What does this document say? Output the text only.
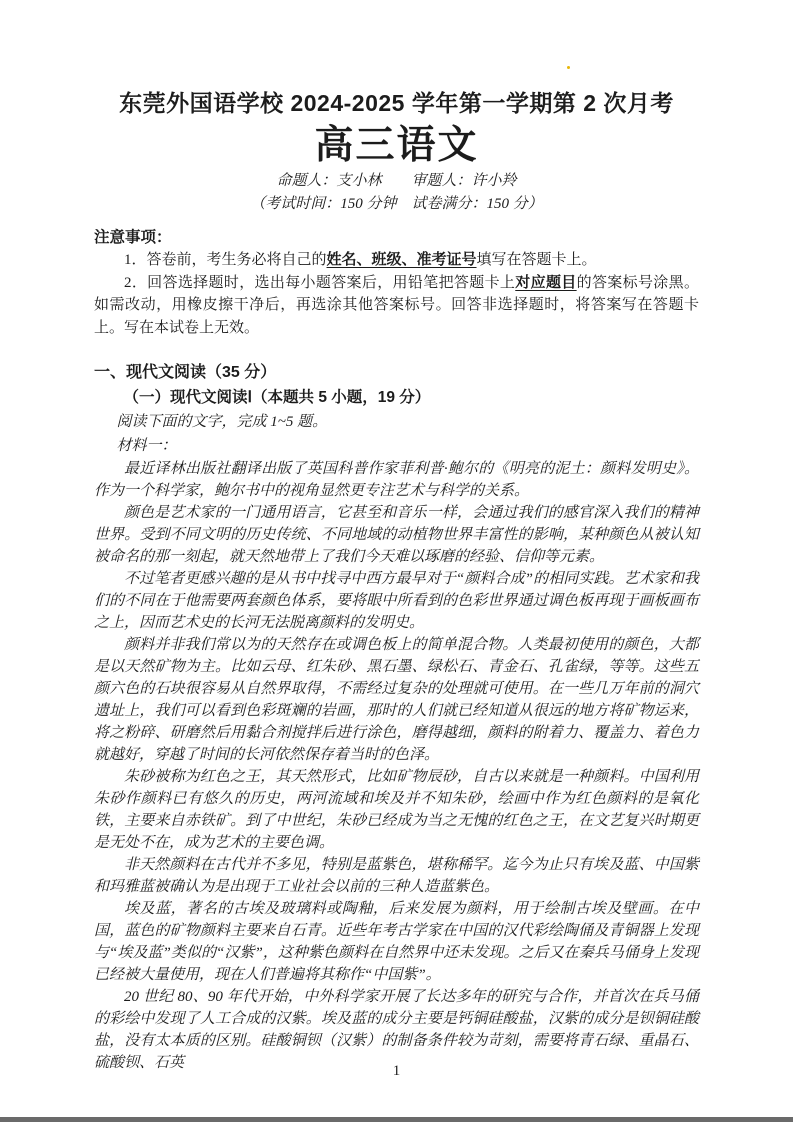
东莞外国语学校 2024-2025 学年第一学期第 2 次月考
高三语文
命题人：支小林 审题人：许小羚
（考试时间：150 分钟　试卷满分：150 分）
注意事项：

1．答卷前，考生务必将自己的姓名、班级、准考证号填写在答题卡上。

2．回答选择题时，选出每小题答案后，用铅笔把答题卡上对应题目的答案标号涂黑。如需改动，用橡皮擦干净后，再选涂其他答案标号。回答非选择题时，将答案写在答题卡上。写在本试卷上无效。

一、现代文阅读（35 分）
（一）现代文阅读Ⅰ（本题共 5 小题，19 分）

阅读下面的文字，完成 1~5 题。

材料一：

最近译林出版社翻译出版了英国科普作家菲利普·鲍尔的《明亮的泥土：颜料发明史》。作为一个科学家，鲍尔书中的视角显然更专注艺术与科学的关系。

颜色是艺术家的一门通用语言，它甚至和音乐一样，会通过我们的感官深入我们的精神世界。受到不同文明的历史传统、不同地域的动植物世界丰富性的影响，某种颜色从被认知被命名的那一刻起，就天然地带上了我们今天难以琢磨的经验、信仰等元素。

不过笔者更感兴趣的是从书中找寻中西方最早对于“颜料合成”的相同实践。艺术家和我们的不同在于他需要两套颜色体系，要将眼中所看到的色彩世界通过调色板再现于画板画布之上，因而艺术史的长河无法脱离颜料的发明史。

颜料并非我们常以为的天然存在或调色板上的简单混合物。人类最初使用的颜色，大都是以天然矿物为主。比如云母、红朱砂、黑石墨、绿松石、青金石、孔雀绿，等等。这些五颜六色的石块很容易从自然界取得，不需经过复杂的处理就可使用。在一些几万年前的洞穴遗址上，我们可以看到色彩斑斓的岩画，那时的人们就已经知道从很远的地方将矿物运来，将之粉碎、研磨然后用黏合剂搅拌后进行涂色，磨得越细，颜料的附着力、覆盖力、着色力就越好，穿越了时间的长河依然保存着当时的色泽。

朱砂被称为红色之王，其天然形式，比如矿物辰砂，自古以来就是一种颜料。中国利用朱砂作颜料已有悠久的历史，两河流域和埃及并不知朱砂，绘画中作为红色颜料的是氧化铁，主要来自赤铁矿。到了中世纪，朱砂已经成为当之无愧的红色之王，在文艺复兴时期更是无处不在，成为艺术的主要色调。

非天然颜料在古代并不多见，特别是蓝紫色，堪称稀罕。迄今为止只有埃及蓝、中国紫和玛雅蓝被确认为是出现于工业社会以前的三种人造蓝紫色。

埃及蓝，著名的古埃及玻璃料或陶釉，后来发展为颜料，用于绘制古埃及壁画。在中国，蓝色的矿物颜料主要来自石青。近些年考古学家在中国的汉代彩绘陶俑及青铜器上发现与“埃及蓝”类似的“汉紫”，这种紫色颜料在自然界中还未发现。之后又在秦兵马俑身上发现已经被大量使用，现在人们普遍将其称作“中国紫”。

20 世纪 80、90 年代开始，中外科学家开展了长达多年的研究与合作，并首次在兵马俑的彩绘中发现了人工合成的汉紫。埃及蓝的成分主要是钙铜硅酸盐，汉紫的成分是钡铜硅酸盐，没有太本质的区别。硅酸铜钡（汉紫）的制备条件较为苛刻，需要将青石绿、重晶石、硫酸钡、石英	1
